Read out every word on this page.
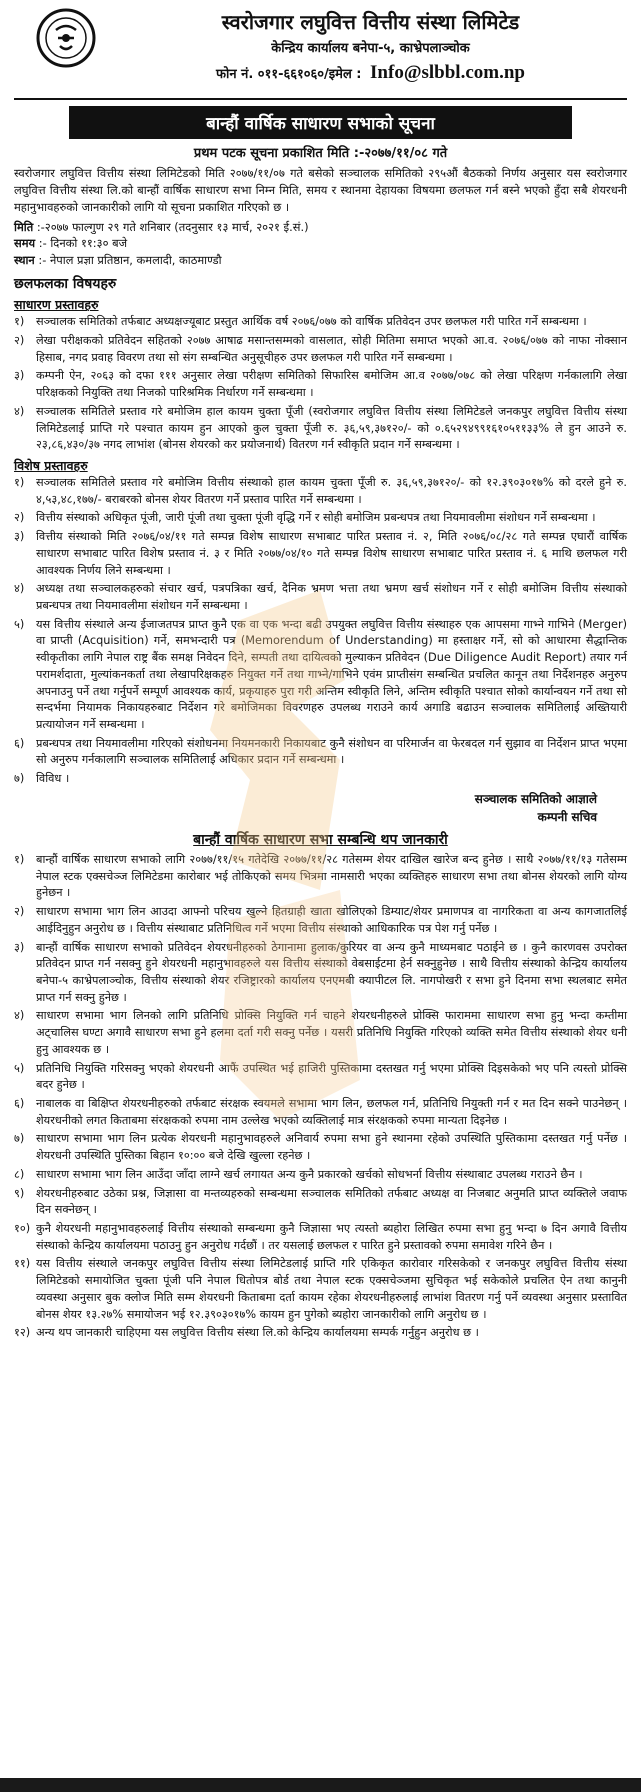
स्वरोजगार लघुवित्त वित्तीय संस्था लिमिटेड
केन्द्रिय कार्यालय बनेपा-५, काभ्रेपलाञ्चोक
फोन नं. ०११-६६१०६०/इमेल : Info@slbbl.com.np
बान्हौं वार्षिक साधारण सभाको सूचना
प्रथम पटक सूचना प्रकाशित मिति :-२०७७/११/०८ गते
स्वरोजगार लघुवित्त वित्तीय संस्था लिमिटेडको मिति २०७७/११/०७ गते बसेको सञ्चालक समितिको २९५औं बैठकको निर्णय अनुसार यस स्वरोजगार लघुवित्त वित्तीय संस्था लि.को बान्हौं वार्षिक साधारण सभा निम्न मिति, समय र स्थानमा देहायका विषयमा छलफल गर्न बस्ने भएको हुँदा सबै शेयरधनी महानुभावहरुको जानकारीको लागि यो सूचना प्रकाशित गरिएको छ ।
मिति :-२०७७ फाल्गुण २९ गते शनिबार (तदनुसार १३ मार्च, २०२१ ई.सं.)
समय :- दिनको ११:३० बजे
स्थान :- नेपाल प्रज्ञा प्रतिष्ठान, कमलादी, काठमाण्डौ
छलफलका विषयहरु
साधारण प्रस्तावहरु
१)	सञ्चालक समितिको तर्फबाट अध्यक्षज्यूबाट प्रस्तुत आर्थिक वर्ष २०७६/०७७ को वार्षिक प्रतिवेदन उपर छलफल गरी पारित गर्ने सम्बन्धमा ।
२)	लेखा परीक्षकको प्रतिवेदन सहितको २०७७ आषाढ मसान्तसम्मको वासलात, सोही मितिमा समाप्त भएको आ.व. २०७६/०७७ को नाफा नोक्सान हिसाब, नगद प्रवाह विवरण तथा सो संग सम्बन्धित अनुसूचीहरु उपर छलफल गरी पारित गर्ने सम्बन्धमा ।
३)	कम्पनी ऐन, २०६३ को दफा १११ अनुसार लेखा परीक्षण समितिको सिफारिस बमोजिम आ.व २०७७/०७८ को लेखा परिक्षण गर्नकालागि लेखा परिक्षकको नियुक्ति तथा निजको पारिश्रमिक निर्धारण गर्ने सम्बन्धमा ।
४)	सञ्चालक समितिले प्रस्ताव गरे बमोजिम हाल कायम चुक्ता पूँजी (स्वरोजगार लघुवित्त वित्तीय संस्था लिमिटेडले जनकपुर लघुवित्त वित्तीय संस्था लिमिटेडलाई प्राप्ति गरे पश्चात कायम हुन आएको कुल चुक्ता पूँजी रु. ३६,५९,३७१२०/- को ०.६५२९४९९१६१०५११३३% ले हुन आउने रु. २३,८६,४३०/३७ नगद लाभांश (बोनस शेयरको कर प्रयोजनार्थ) वितरण गर्न स्वीकृति प्रदान गर्ने सम्बन्धमा ।
विशेष प्रस्तावहरु
१)	सञ्चालक समितिले प्रस्ताव गरे बमोजिम वित्तीय संस्थाको हाल कायम चुक्ता पूँजी रु. ३६,५९,३७१२०/- को १२.३९०३०१७% को दरले हुने रु. ४,५३,४८,१७७/- बराबरको बोनस शेयर वितरण गर्ने प्रस्ताव पारित गर्ने सम्बन्धमा ।
२)	वित्तीय संस्थाको अधिकृत पूंजी, जारी पूंजी तथा चुक्ता पूंजी वृद्धि गर्ने र सोही बमोजिम प्रबन्धपत्र तथा नियमावलीमा संशोधन गर्ने सम्बन्धमा ।
३)	वित्तीय संस्थाको मिति २०७६/०४/११ गते सम्पन्न विशेष साधारण सभाबाट पारित प्रस्ताव नं. २, मिति २०७६/०८/२८ गते सम्पन्न एघारौं वार्षिक साधारण सभाबाट पारित विशेष प्रस्ताव नं. ३ र मिति २०७७/०४/१० गते सम्पन्न विशेष साधारण सभाबाट पारित प्रस्ताव नं. ६ माथि छलफल गरी आवश्यक निर्णय लिने सम्बन्धमा ।
४)	अध्यक्ष तथा सञ्चालकहरुको संचार खर्च, पत्रपत्रिका खर्च, दैनिक भ्रमण भत्ता तथा भ्रमण खर्च संशोधन गर्ने र सोही बमोजिम वित्तीय संस्थाको प्रबन्धपत्र तथा नियमावलीमा संशोधन गर्ने सम्बन्धमा ।
५)	यस वित्तीय संस्थाले अन्य ईजाजतपत्र प्राप्त कुनै एक वा एक भन्दा बढी उपयुक्त लघुवित्त वित्तीय संस्थाहरु एक आपसमा गाभ्ने गाभिने (Merger) वा प्राप्ती (Acquisition) गर्ने, समभन्दारी पत्र (Memorendum of Understanding) मा हस्ताक्षर गर्ने, सो को आधारमा सैद्धान्तिक स्वीकृतीका लागि नेपाल राष्ट्र बैंक समक्ष निवेदन दिने, सम्पती तथा दायित्वको मुल्याकन प्रतिवेदन (Due Diligence Audit Report) तयार गर्न परामर्शदाता, मुल्यांकनकर्ता तथा लेखापरिक्षकहरु नियुक्त गर्ने तथा गाभ्ने/गाभिने एवंम प्राप्तीसंग सम्बन्धित प्रचलित कानून तथा निर्देशनहरु अनुरुप अपनाउनु पर्ने तथा गर्नुपर्ने सम्पूर्ण आवश्यक कार्य, प्रकृयाहरु पुरा गरी अन्तिम स्वीकृति लिने, अन्तिम स्वीकृति पश्चात सोको कार्यान्वयन गर्ने तथा सो सन्दर्भमा नियामक निकायहरुबाट निर्देशन गरे बमोजिमका विवरणहरु उपलब्ध गराउने कार्य अगाडि बढाउन सञ्चालक समितिलाई अख्तियारी प्रत्यायोजन गर्ने सम्बन्धमा ।
६)	प्रबन्धपत्र तथा नियमावलीमा गरिएको संशोधनमा नियमनकारी निकायबाट कुनै संशोधन वा परिमार्जन वा फेरबदल गर्न सुझाव वा निर्देशन प्राप्त भएमा सो अनुरुप गर्नकालागि सञ्चालक समितिलाई अधिकार प्रदान गर्ने सम्बन्धमा ।
७)	विविध ।
सञ्चालक समितिको आज्ञाले
कम्पनी सचिव
बान्हौं वार्षिक साधारण सभा सम्बन्धि थप जानकारी
१)	बान्हौं वार्षिक साधारण सभाको लागि २०७७/११/१५ गतेदेखि २०७७/११/२८ गतेसम्म शेयर दाखिल खारेज बन्द हुनेछ । साथै २०७७/११/१३ गतेसम्म नेपाल स्टक एक्सचेञ्ज लिमिटेडमा कारोबार भई तोकिएको समय भित्रमा नामसारी भएका व्यक्तिहरु साधारण सभा तथा बोनस शेयरको लागि योग्य हुनेछन ।
२)	साधारण सभामा भाग लिन आउदा आफ्नो परिचय खुल्ने हितग्राही खाता खोलिएको डिम्याट/शेयर प्रमाणपत्र वा नागरिकता वा अन्य कागजातलिई आईदिनुहुन अनुरोध छ । वित्तीय संस्थाबाट प्रतिनिधित्व गर्ने भएमा वित्तीय संस्थाको आधिकारिक पत्र पेश गर्नु पर्नेछ ।
३)	बान्हौं वार्षिक साधारण सभाको प्रतिवेदन शेयरधनीहरुको ठेगानामा हुलाक/कुरियर वा अन्य कुनै माध्यमबाट पठाईने छ । कुनै कारणवस उपरोक्त प्रतिवेदन प्राप्त गर्न नसक्नु हुने शेयरधनी महानुभावहरुले यस वित्तीय संस्थाको वेबसाईटमा हेर्न सक्नुहुनेछ । साथै वित्तीय संस्थाको केन्द्रिय कार्यालय बनेपा-५ काभ्रेपलाञ्चोक, वित्तीय संस्थाको शेयर रजिष्ट्रारको कार्यालय एनएमबी क्यापीटल लि. नागपोखरी र सभा हुने दिनमा सभा स्थलबाट समेत प्राप्त गर्न सक्नु हुनेछ ।
४)	साधारण सभामा भाग लिनको लागि प्रतिनिधि प्रोक्सि नियुक्ति गर्न चाहने शेयरधनीहरुले प्रोक्सि फाराममा साधारण सभा हुनु भन्दा कम्तीमा अट्चालिस घण्टा अगावै साधारण सभा हुने हलमा दर्ता गरी सक्नु पर्नेछ । यसरी प्रतिनिधि नियुक्ति गरिएको व्यक्ति समेत वित्तीय संस्थाको शेयर धनी हुनु आवश्यक छ ।
५)	प्रतिनिधि नियुक्ति गरिसक्नु भएको शेयरधनी आफैं उपस्थित भई हाजिरी पुस्तिकामा दस्तखत गर्नु भएमा प्रोक्सि दिइसकेको भए पनि त्यस्तो प्रोक्सि बदर हुनेछ ।
६)	नाबालक वा बिक्षिप्त शेयरधनीहरुको तर्फबाट संरक्षक स्वयमले सभामा भाग लिन, छलफल गर्न, प्रतिनिधि नियुक्ती गर्न र मत दिन सक्ने पाउनेछन् । शेयरधनीको लगत किताबमा संरक्षकको रुपमा नाम उल्लेख भएको व्यक्तिलाई मात्र संरक्षकको रुपमा मान्यता दिइनेछ ।
७)	साधारण सभामा भाग लिन प्रत्येक शेयरधनी महानुभावहरुले अनिवार्य रुपमा सभा हुने स्थानमा रहेको उपस्थिति पुस्तिकामा दस्तखत गर्नु पर्नेछ । शेयरधनी उपस्थिति पुस्तिका बिहान १०:०० बजे देखि खुल्ला रहनेछ ।
८)	साधारण सभामा भाग लिन आउँदा जाँदा लाग्ने खर्च लगायत अन्य कुनै प्रकारको खर्चको सोधभर्ना वित्तीय संस्थाबाट उपलब्ध गराउने छैन ।
९)	शेयरधनीहरुबाट उठेका प्रश्न, जिज्ञासा वा मन्तव्यहरुको सम्बन्धमा सञ्चालक समितिको तर्फबाट अध्यक्ष वा निजबाट अनुमति प्राप्त व्यक्तिले जवाफ दिन सक्नेछन् ।
१०) कुनै शेयरधनी महानुभावहरुलाई वित्तीय संस्थाको सम्बन्धमा कुनै जिज्ञासा भए त्यस्तो ब्यहोरा लिखित रुपमा सभा हुनु भन्दा ७ दिन अगावै वित्तीय संस्थाको केन्द्रिय कार्यालयमा पठाउनु हुन अनुरोध गर्दछौं । तर यसलाई छलफल र पारित हुने प्रस्तावको रुपमा समावेश गरिने छैन ।
११) यस वित्तीय संस्थाले जनकपुर लघुवित्त वित्तीय संस्था लिमिटेडलाई प्राप्ति गरि एकिकृत कारोवार गरिसकेको र जनकपुर लघुवित्त वित्तीय संस्था लिमिटेडको समायोजित चुक्ता पूंजी पनि नेपाल धितोपत्र बोर्ड तथा नेपाल स्टक एक्सचेञ्जमा सुचिकृत भई सकेकोले प्रचलित ऐन तथा कानुनी व्यवस्था अनुसार बुक क्लोज मिति सम्म शेयरधनी किताबमा दर्ता कायम रहेका शेयरधनीहरुलाई लाभांश वितरण गर्नु पर्ने व्यवस्था अनुसार प्रस्तावित बोनस शेयर १३.२७% समायोजन भई १२.३९०३०१७% कायम हुन पुगेको ब्यहोरा जानकारीको लागि अनुरोध छ ।
१२) अन्य थप जानकारी चाहिएमा यस लघुवित्त वित्तीय संस्था लि.को केन्द्रिय कार्यालयमा सम्पर्क गर्नुहुन अनुरोध छ ।
